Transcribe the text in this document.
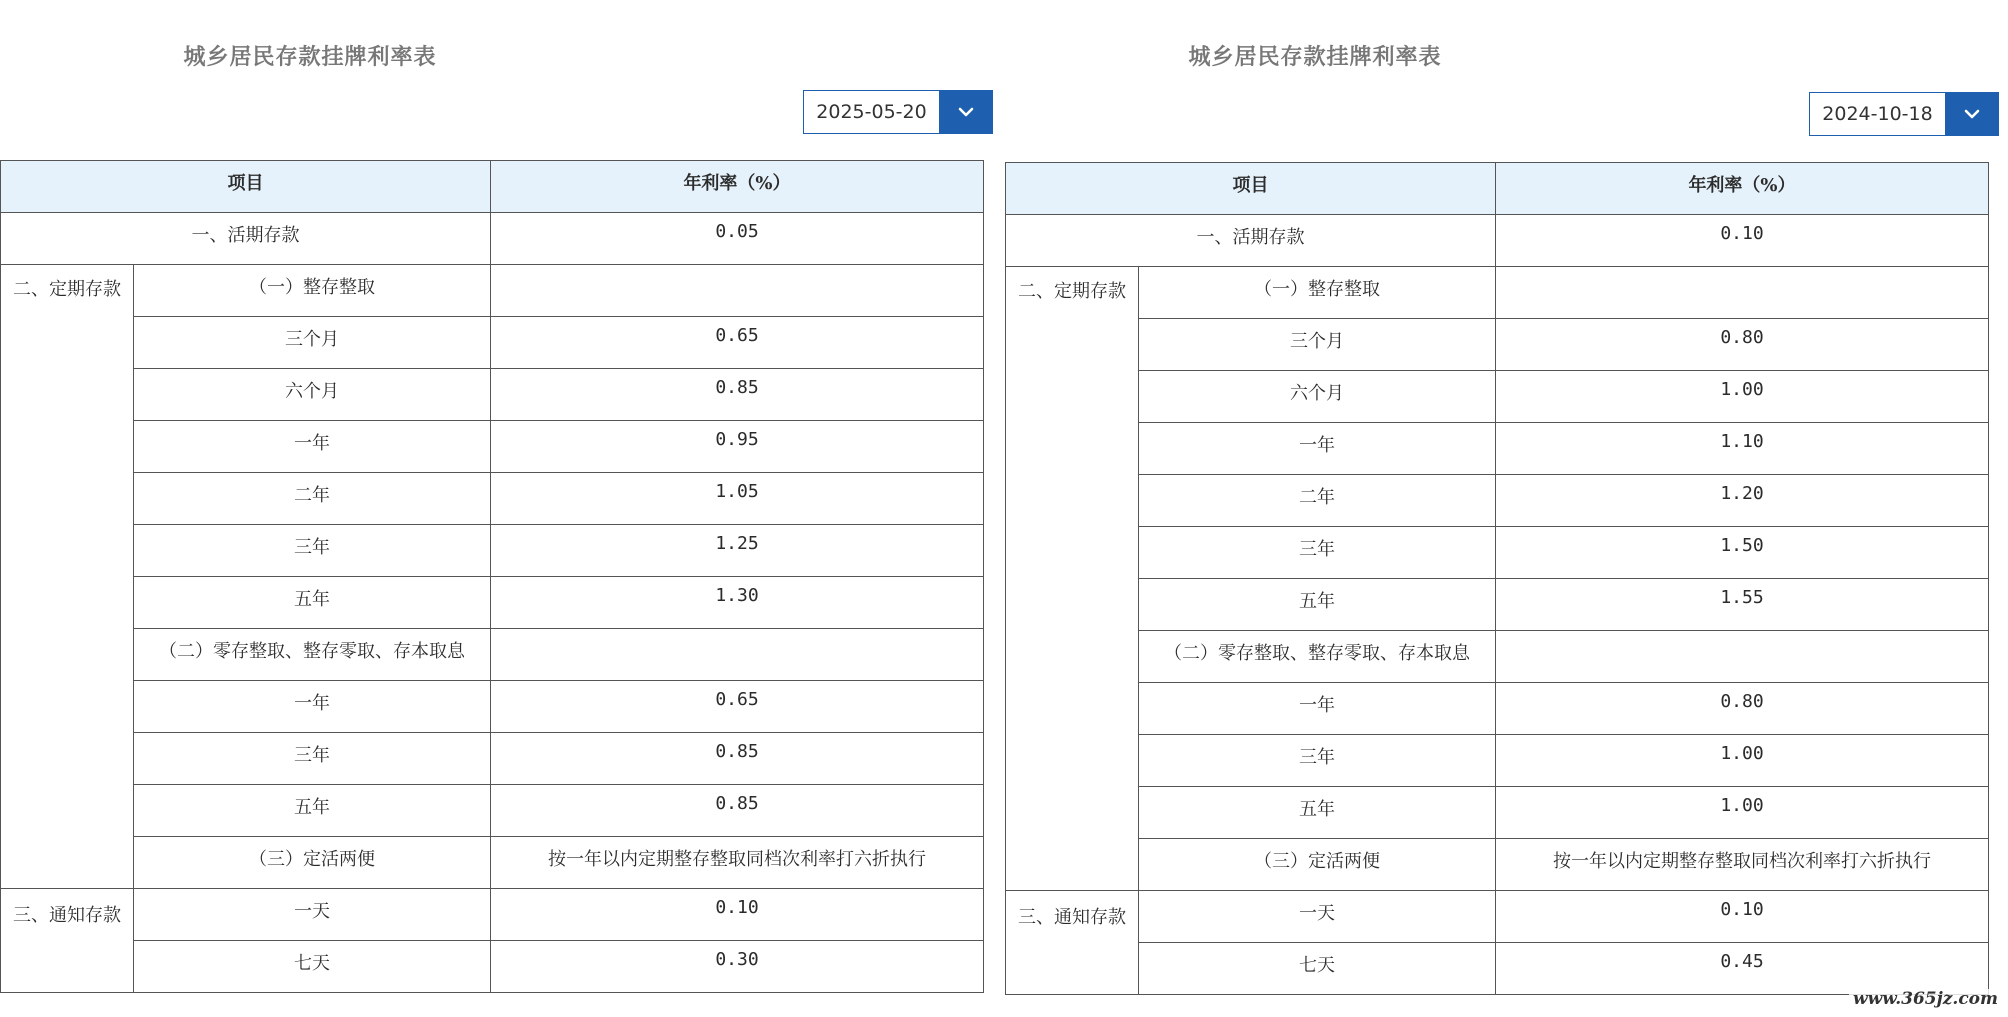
城乡居民存款挂牌利率表
2025-05-20
项目		年利率（%）
一、活期存款		0.05
二、定期存款	（一）整存整取	
	三个月	0.65
	六个月	0.85
	一年	0.95
	二年	1.05
	三年	1.25
	五年	1.30
	（二）零存整取、整存零取、存本取息	
	一年	0.65
	三年	0.85
	五年	0.85
	（三）定活两便	按一年以内定期整存整取同档次利率打六折执行
三、通知存款	一天	0.10
	七天	0.30
城乡居民存款挂牌利率表
2024-10-18
项目		年利率（%）
一、活期存款		0.10
二、定期存款	（一）整存整取	
	三个月	0.80
	六个月	1.00
	一年	1.10
	二年	1.20
	三年	1.50
	五年	1.55
	（二）零存整取、整存零取、存本取息	
	一年	0.80
	三年	1.00
	五年	1.00
	（三）定活两便	按一年以内定期整存整取同档次利率打六折执行
三、通知存款	一天	0.10
	七天	0.45
www.365jz.com
